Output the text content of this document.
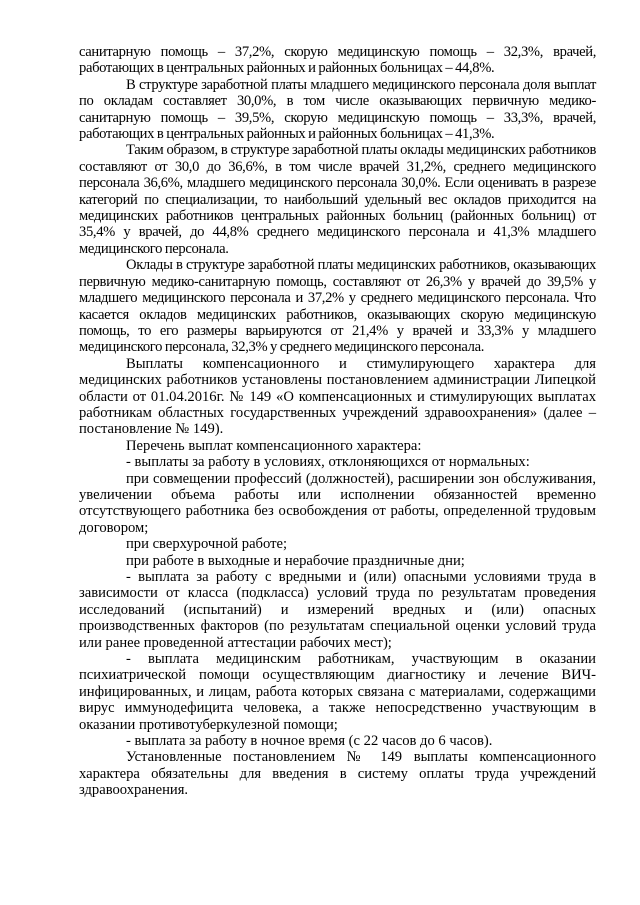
санитарную помощь – 37,2%, скорую медицинскую помощь – 32,3%, врачей, работающих в центральных районных и районных больницах – 44,8%.

В структуре заработной платы младшего медицинского персонала доля выплат по окладам составляет 30,0%, в том числе оказывающих первичную медико-санитарную помощь – 39,5%, скорую медицинскую помощь – 33,3%, врачей, работающих в центральных районных и районных больницах – 41,3%.

Таким образом, в структуре заработной платы оклады медицинских работников составляют от 30,0 до 36,6%, в том числе врачей 31,2%, среднего медицинского персонала 36,6%, младшего медицинского персонала 30,0%. Если оценивать в разрезе категорий по специализации, то наибольший удельный вес окладов приходится на медицинских работников центральных районных больниц (районных больниц) от 35,4% у врачей, до 44,8% среднего медицинского персонала и 41,3% младшего медицинского персонала.

Оклады в структуре заработной платы медицинских работников, оказывающих первичную медико-санитарную помощь, составляют от 26,3% у врачей до 39,5% у младшего медицинского персонала и 37,2% у среднего медицинского персонала. Что касается окладов медицинских работников, оказывающих скорую медицинскую помощь, то его размеры варьируются от 21,4% у врачей и 33,3% у младшего медицинского персонала, 32,3% у среднего медицинского персонала.

Выплаты компенсационного и стимулирующего характера для медицинских работников установлены постановлением администрации Липецкой области от 01.04.2016г. № 149 «О компенсационных и стимулирующих выплатах работникам областных государственных учреждений здравоохранения» (далее – постановление № 149).

Перечень выплат компенсационного характера:

- выплаты за работу в условиях, отклоняющихся от нормальных:

при совмещении профессий (должностей), расширении зон обслуживания, увеличении объема работы или исполнении обязанностей временно отсутствующего работника без освобождения от работы, определенной трудовым договором;

при сверхурочной работе;

при работе в выходные и нерабочие праздничные дни;

- выплата за работу с вредными и (или) опасными условиями труда в зависимости от класса (подкласса) условий труда по результатам проведения исследований (испытаний) и измерений вредных и (или) опасных производственных факторов (по результатам специальной оценки условий труда или ранее проведенной аттестации рабочих мест);

- выплата медицинским работникам, участвующим в оказании психиатрической помощи осуществляющим диагностику и лечение ВИЧ-инфицированных, и лицам, работа которых связана с материалами, содержащими вирус иммунодефицита человека, а также непосредственно участвующим в оказании противотуберкулезной помощи;

- выплата за работу в ночное время (с 22 часов до 6 часов).

Установленные постановлением № 149 выплаты компенсационного характера обязательны для введения в систему оплаты труда учреждений здравоохранения.
